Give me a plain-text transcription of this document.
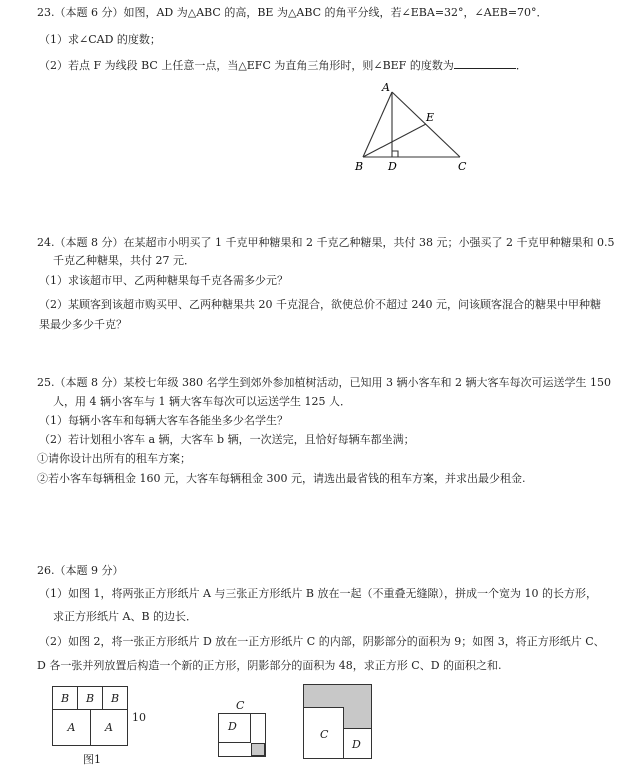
23.（本题 6 分）如图，AD 为△ABC 的高，BE 为△ABC 的角平分线，若∠EBA=32°，∠AEB=70°．
（1）求∠CAD 的度数；
（2）若点 F 为线段 BC 上任意一点，当△EFC 为直角三角形时，则∠BEF 的度数为	．
A
E
B D	C
24.（本题 8 分）在某超市小明买了 1 千克甲种糖果和 2 千克乙种糖果，共付 38 元；小强买了 2 千克甲种糖果和 0.5
千克乙种糖果，共付 27 元．
（1）求该超市甲、乙两种糖果每千克各需多少元？
（2）某顾客到该超市购买甲、乙两种糖果共 20 千克混合，欲使总价不超过 240 元，问该顾客混合的糖果中甲种糖
果最少多少千克？
25.（本题 8 分）某校七年级 380 名学生到郊外参加植树活动，已知用 3 辆小客车和 2 辆大客车每次可运送学生 150
人，用 4 辆小客车与 1 辆大客车每次可以运送学生 125 人．
（1）每辆小客车和每辆大客车各能坐多少名学生？
（2）若计划租小客车 a 辆，大客车 b 辆，一次送完，且恰好每辆车都坐满；
①请你设计出所有的租车方案；
②若小客车每辆租金 160 元，大客车每辆租金 300 元，请选出最省钱的租车方案，并求出最少租金.
26.（本题 9 分）
（1）如图 1，将两张正方形纸片 A 与三张正方形纸片 B 放在一起（不重叠无缝隙），拼成一个宽为 10 的长方形，
求正方形纸片 A、B 的边长．
（2）如图 2，将一张正方形纸片 D 放在一正方形纸片 C 的内部，阴影部分的面积为 9；如图 3，将正方形纸片 C、
D 各一张并列放置后构造一个新的正方形，阴影部分的面积为 48，求正方形 C、D 的面积之和.
B	B	B
A	A
10
图1
C
D
C
D
